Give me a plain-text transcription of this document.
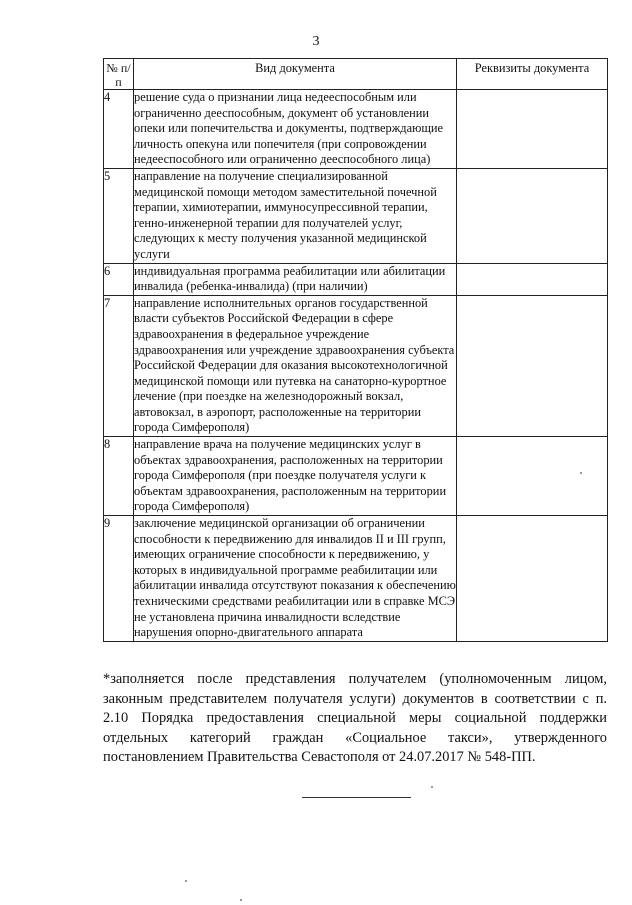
3
№ п/п	Вид документа	Реквизиты документа
4	решение суда о признании лица недееспособным или ограниченно дееспособным, документ об установлении опеки или попечительства и документы, подтверждающие личность опекуна или попечителя (при сопровождении недееспособного или ограниченно дееспособного лица)	
5	направление на получение специализированной медицинской помощи методом заместительной почечной терапии, химиотерапии, иммуносупрессивной терапии, генно-инженерной терапии для получателей услуг, следующих к месту получения указанной медицинской услуги	
6	индивидуальная программа реабилитации или абилитации инвалида (ребенка-инвалида) (при наличии)	
7	направление исполнительных органов государственной власти субъектов Российской Федерации в сфере здравоохранения в федеральное учреждение здравоохранения или учреждение здравоохранения субъекта Российской Федерации для оказания высокотехнологичной медицинской помощи или путевка на санаторно-курортное лечение (при поездке на железнодорожный вокзал, автовокзал, в аэропорт, расположенные на территории города Симферополя)	
8	направление врача на получение медицинских услуг в объектах здравоохранения, расположенных на территории города Симферополя (при поездке получателя услуги к объектам здравоохранения, расположенным на территории города Симферополя)	
9	заключение медицинской организации об ограничении способности к передвижению для инвалидов II и III групп, имеющих ограничение способности к передвижению, у которых в индивидуальной программе реабилитации или абилитации инвалида отсутствуют показания к обеспечению техническими средствами реабилитации или в справке МСЭ не установлена причина инвалидности вследствие нарушения опорно-двигательного аппарата	
*заполняется после представления получателем (уполномоченным лицом, законным представителем получателя услуги) документов в соответствии с п. 2.10 Порядка предоставления специальной меры социальной поддержки отдельных категорий граждан «Социальное такси», утвержденного постановлением Правительства Севастополя от 24.07.2017 № 548-ПП.
